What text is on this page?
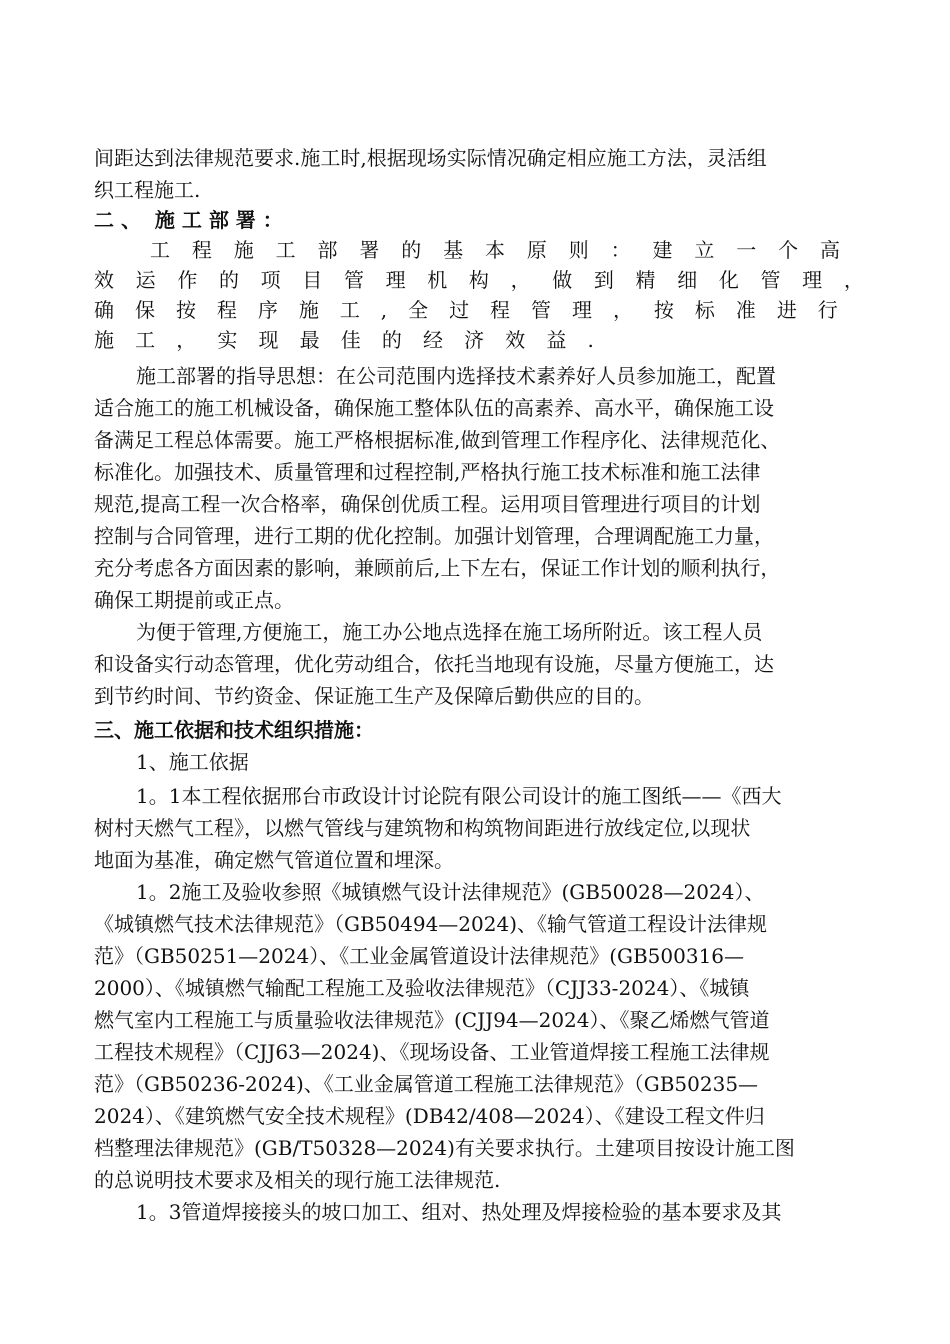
间距达到法律规范要求.施工时,根据现场实际情况确定相应施工方法，灵活组
织工程施工.
二 、  施 工 部 署 ：
工 程 施 工 部 署 的 基 本 原 则 ： 建 立 一 个 高
效 运 作 的 项 目 管 理 机 构 ， 做 到 精 细 化 管 理 ，
确 保 按 程 序 施 工 , 全 过 程 管 理 ， 按 标 准 进 行
施 工 ， 实 现 最 佳 的 经 济 效 益 .
施工部署的指导思想：在公司范围内选择技术素养好人员参加施工，配置
适合施工的施工机械设备，确保施工整体队伍的高素养、高水平，确保施工设
备满足工程总体需要。施工严格根据标准,做到管理工作程序化、法律规范化、
标准化。加强技术、质量管理和过程控制,严格执行施工技术标准和施工法律
规范,提高工程一次合格率，确保创优质工程。运用项目管理进行项目的计划
控制与合同管理，进行工期的优化控制。加强计划管理，合理调配施工力量，
充分考虑各方面因素的影响，兼顾前后,上下左右，保证工作计划的顺利执行，
确保工期提前或正点。
为便于管理,方便施工，施工办公地点选择在施工场所附近。该工程人员
和设备实行动态管理，优化劳动组合，依托当地现有设施，尽量方便施工，达
到节约时间、节约资金、保证施工生产及保障后勤供应的目的。
三、施工依据和技术组织措施：
1、施工依据
1。1本工程依据邢台市政设计讨论院有限公司设计的施工图纸——《西大
树村天燃气工程》，以燃气管线与建筑物和构筑物间距进行放线定位,以现状
地面为基准，确定燃气管道位置和埋深。
1。2施工及验收参照《城镇燃气设计法律规范》(GB50028—2024）、
《城镇燃气技术法律规范》（GB50494—2024)、《输气管道工程设计法律规
范》（GB50251—2024）、《工业金属管道设计法律规范》(GB500316—
2000）、《城镇燃气输配工程施工及验收法律规范》（CJJ33-2024）、《城镇
燃气室内工程施工与质量验收法律规范》(CJJ94—2024）、《聚乙烯燃气管道
工程技术规程》（CJJ63—2024)、《现场设备、工业管道焊接工程施工法律规
范》（GB50236-2024)、《工业金属管道工程施工法律规范》（GB50235—
2024）、《建筑燃气安全技术规程》(DB42/408—2024）、《建设工程文件归
档整理法律规范》(GB/T50328—2024)有关要求执行。土建项目按设计施工图
的总说明技术要求及相关的现行施工法律规范.
1。3管道焊接接头的坡口加工、组对、热处理及焊接检验的基本要求及其
